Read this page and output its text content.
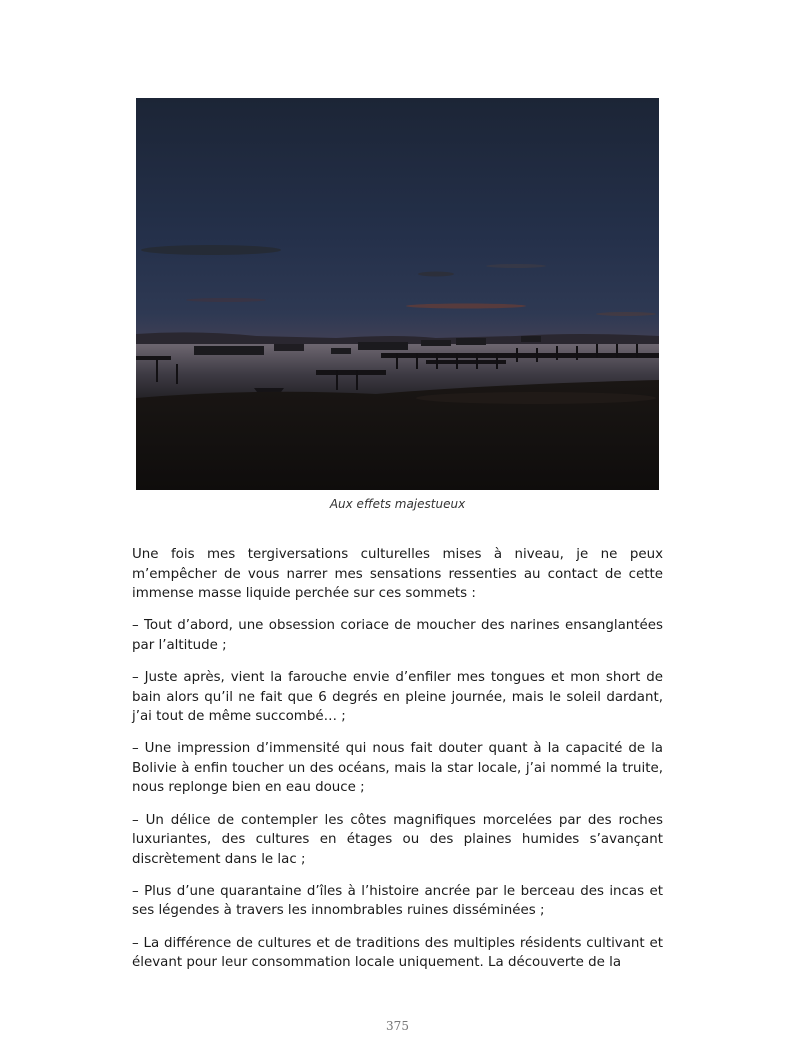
Aux effets majestueux

Une fois mes tergiversations culturelles mises à niveau, je ne peux m’empêcher de vous narrer mes sensations ressenties au contact de cette immense masse liquide perchée sur ces sommets :

– Tout d’abord, une obsession coriace de moucher des narines ensanglantées par l’altitude ;

– Juste après, vient la farouche envie d’enfiler mes tongues et mon short de bain alors qu’il ne fait que 6 degrés en pleine journée, mais le soleil dardant, j’ai tout de même succombé… ;

– Une impression d’immensité qui nous fait douter quant à la capacité de la Bolivie à enfin toucher un des océans, mais la star locale, j’ai nommé la truite, nous replonge bien en eau douce ;

– Un délice de contempler les côtes magnifiques morcelées par des roches luxuriantes, des cultures en étages ou des plaines humides s’avançant discrètement dans le lac ;

– Plus d’une quarantaine d’îles à l’histoire ancrée par le berceau des incas et ses légendes à travers les innombrables ruines disséminées ;

– La différence de cultures et de traditions des multiples résidents cultivant et élevant pour leur consommation locale uniquement. La découverte de la

375
